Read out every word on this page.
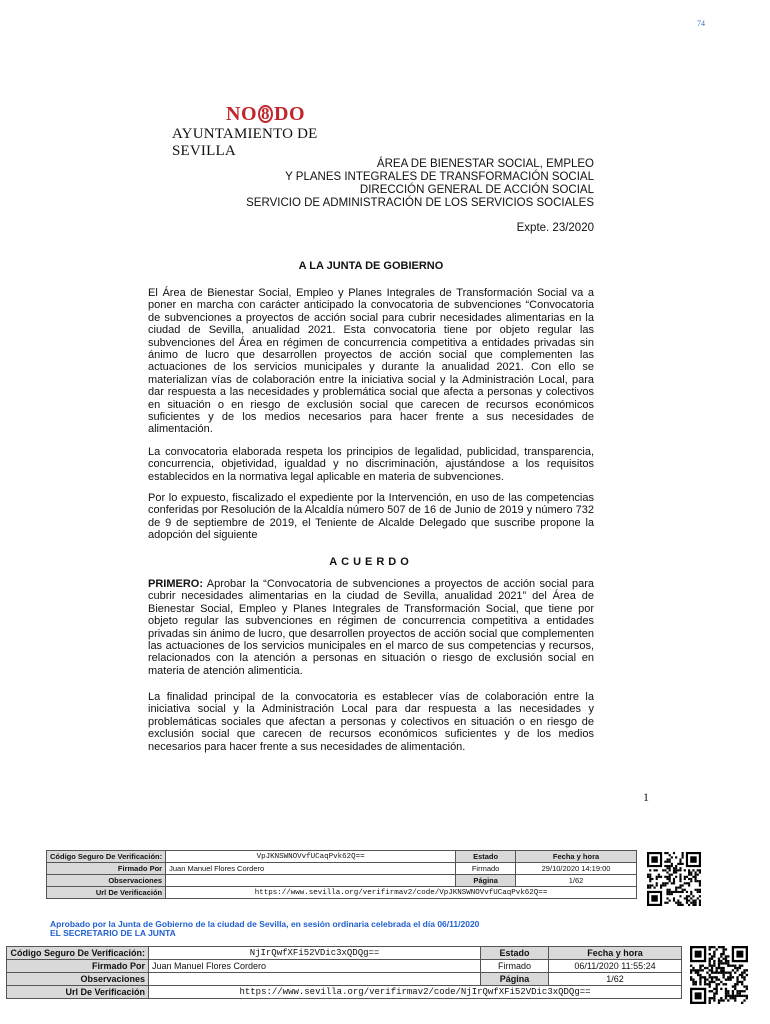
74
NO 8 DO
AYUNTAMIENTO DE SEVILLA
ÁREA DE BIENESTAR SOCIAL, EMPLEO
Y PLANES INTEGRALES DE TRANSFORMACIÓN SOCIAL
DIRECCIÓN GENERAL DE ACCIÓN SOCIAL
SERVICIO DE ADMINISTRACIÓN DE LOS SERVICIOS SOCIALES
Expte. 23/2020
A LA JUNTA DE GOBIERNO

El Área de Bienestar Social, Empleo y Planes Integrales de Transformación Social va a poner en marcha con carácter anticipado la convocatoria de subvenciones “Convocatoria de subvenciones a proyectos de acción social para cubrir necesidades alimentarias en la ciudad de Sevilla, anualidad 2021. Esta convocatoria tiene por objeto regular las subvenciones del Área en régimen de concurrencia competitiva a entidades privadas sin ánimo de lucro que desarrollen proyectos de acción social que complementen las actuaciones de los servicios municipales y durante la anualidad 2021. Con ello se materializan vías de colaboración entre la iniciativa social y la Administración Local, para dar respuesta a las necesidades y problemática social que afecta a personas y colectivos en situación o en riesgo de exclusión social que carecen de recursos económicos suficientes y de los medios necesarios para hacer frente a sus necesidades de alimentación.

La convocatoria elaborada respeta los principios de legalidad, publicidad, transparencia, concurrencia, objetividad, igualdad y no discriminación, ajustándose a los requisitos establecidos en la normativa legal aplicable en materia de subvenciones.

Por lo expuesto, fiscalizado el expediente por la Intervención, en uso de las competencias conferidas por Resolución de la Alcaldía número 507 de 16 de Junio de 2019 y número 732 de 9 de septiembre de 2019, el Teniente de Alcalde Delegado que suscribe propone la adopción del siguiente

ACUERDO

PRIMERO: Aprobar la “Convocatoria de subvenciones a proyectos de acción social para cubrir necesidades alimentarias en la ciudad de Sevilla, anualidad 2021” del Área de Bienestar Social, Empleo y Planes Integrales de Transformación Social, que tiene por objeto regular las subvenciones en régimen de concurrencia competitiva a entidades privadas sin ánimo de lucro, que desarrollen proyectos de acción social que complementen las actuaciones de los servicios municipales en el marco de sus competencias y recursos, relacionados con la atención a personas en situación o riesgo de exclusión social en materia de atención alimenticia.

La finalidad principal de la convocatoria es establecer vías de colaboración entre la iniciativa social y la Administración Local para dar respuesta a las necesidades y problemáticas sociales que afectan a personas y colectivos en situación o en riesgo de exclusión social que carecen de recursos económicos suficientes y de los medios necesarios para hacer frente a sus necesidades de alimentación.

1
Código Seguro De Verificación:	VpJKNSWNOVvfUCaqPvk62Q==	Estado	Fecha y hora
Firmado Por	Juan Manuel Flores Cordero	Firmado	29/10/2020 14:19:00
Observaciones		Página	1/62
Url De Verificación	https://www.sevilla.org/verifirmav2/code/VpJKNSWNOVvfUCaqPvk62Q==		
Aprobado por la Junta de Gobierno de la ciudad de Sevilla, en sesión ordinaria celebrada el día 06/11/2020
EL SECRETARIO DE LA JUNTA
Código Seguro De Verificación:	NjIrQwfXFi52VDic3xQDQg==	Estado	Fecha y hora
Firmado Por	Juan Manuel Flores Cordero	Firmado	06/11/2020 11:55:24
Observaciones		Página	1/62
Url De Verificación	https://www.sevilla.org/verifirmav2/code/NjIrQwfXFi52VDic3xQDQg==		
